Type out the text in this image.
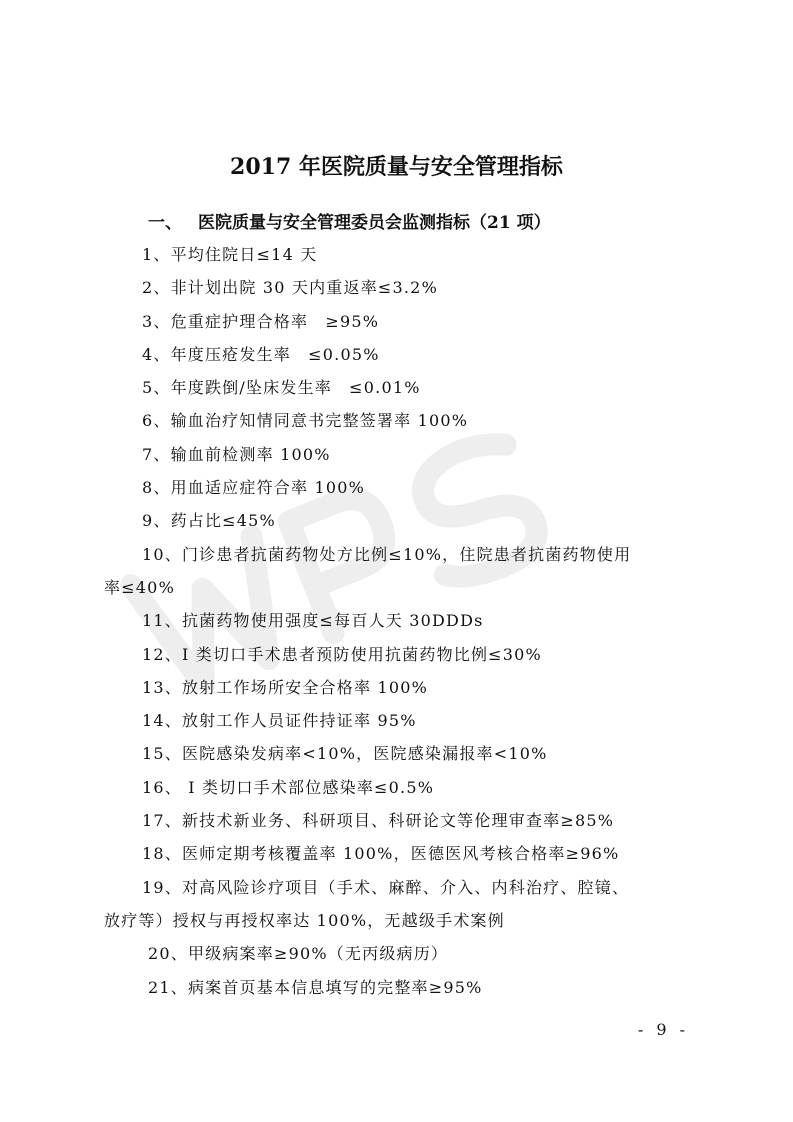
2017 年医院质量与安全管理指标
一、 医院质量与安全管理委员会监测指标（21 项）
1、平均住院日≤14 天
2、非计划出院 30 天内重返率≤3.2%
3、危重症护理合格率　≥95%
4、年度压疮发生率　≤0.05%
5、年度跌倒/坠床发生率　≤0.01%
6、输血治疗知情同意书完整签署率 100%
7、输血前检测率 100%
8、用血适应症符合率 100%
9、药占比≤45%
10、门诊患者抗菌药物处方比例≤10%，住院患者抗菌药物使用
率≤40%
11、抗菌药物使用强度≤每百人天 30DDDs
12、I 类切口手术患者预防使用抗菌药物比例≤30%
13、放射工作场所安全合格率 100%
14、放射工作人员证件持证率 95%
15、医院感染发病率<10%，医院感染漏报率<10%
16、 I 类切口手术部位感染率≤0.5%
17、新技术新业务、科研项目、科研论文等伦理审查率≥85%
18、医师定期考核覆盖率 100%，医德医风考核合格率≥96%
19、对高风险诊疗项目（手术、麻醉、介入、内科治疗、腔镜、
放疗等）授权与再授权率达 100%，无越级手术案例
20、甲级病案率≥90%（无丙级病历）
21、病案首页基本信息填写的完整率≥95%
- 9 -
